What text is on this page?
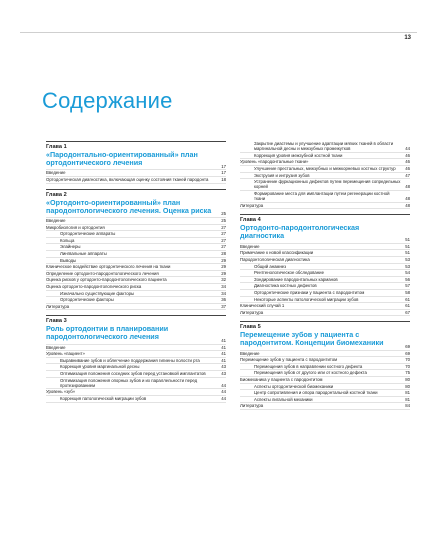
13
Содержание
Глава 1
«Пародонтально-ориентированный» план ортодонтического лечения	17
Введение	17
Ортодонтическая диагностика, включающая оценку состояния тканей пародонта	18
Глава 2
«Ортодонто-ориентированный» план пародонтологического лечения. Оценка риска	25
Введение	25
Микробиология и ортодонтия	27
Ортодонтические аппараты	27
Кольца	27
Элайнеры	27
Лингвальные аппараты	28
Выводы	29
Клиническое воздействие ортодонтического лечения на ткани	29
Определение ортодонто-пародонтологического лечения	29
Оценка рисков у ортодонто-пародонтологического пациента	32
Оценка ортодонто-пародонтологического риска	34
Изначально существующие факторы	34
Ортодонтические факторы	36
Литература	37
Глава 3
Роль ортодонтии в планировании пародонтологического лечения	41
Введение	41
Уровень «пациент»	41
Выравнивание зубов и облегчение поддержания гигиены полости рта	41
Коррекция уровня маргинальной десны	43
Оптимизация положения соседних зубов перед установкой имплантатов	43
Оптимизация положения опорных зубов и их параллельности перед протезированием	44
Уровень «зуб»	44
Коррекция патологической миграции зубов	44
Закрытие диастемы и улучшение адаптации мягких тканей в области маргинальной десны и межзубных промежутков	44
Коррекция уровня межзубной костной ткани	46
Уровень «пародонтальные ткани»	46
Улучшение престальных, межзубных и межкорневых костных структур	46
Экструзия и интрузия зубов	47
Устранение фуркационных дефектов путем перемещения сопредельных корней	48
Формирование места для имплантации путем регенерации костной ткани	48
Литература	48
Глава 4
Ортодонто-пародонтологическая диагностика	51
Введение	51
Примечание к новой классификации	51
Пародонтологическая диагностика	53
Общий анамнез	53
Рентгенологическое обследование	54
Зондирование пародонтальных карманов	56
Диагностика костных дефектов	57
Ортодонтические признаки у пациента с пародонтитом	58
Некоторые аспекты патологической миграции зубов	61
Клинический случай 1	61
Литература	67
Глава 5
Перемещение зубов у пациента с пародонтитом. Концепции биомеханики	69
Введение	69
Перемещение зубов у пациента с пародонтитом	70
Перемещения зубов в направлении костного дефекта	70
Перемещения зубов от другого или от костного дефекта	75
Биомеханика у пациента с пародонтитом	80
Аспекты ортодонтической биомеханики	80
Центр сопротивления и опора пародонтальной костной ткани	81
Аспекты лигальной механики	81
Литература	84
